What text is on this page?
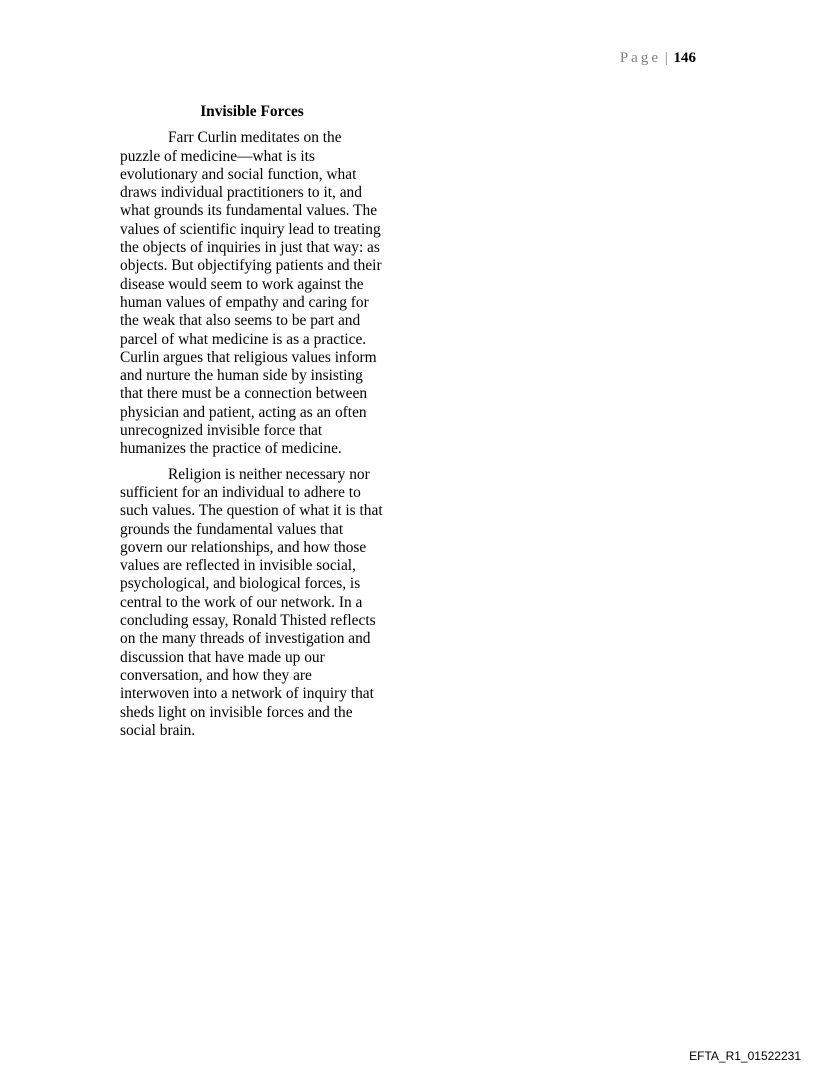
Page | 146
Invisible Forces

Farr Curlin meditates on the puzzle of medicine—what is its evolutionary and social function, what draws individual practitioners to it, and what grounds its fundamental values. The values of scientific inquiry lead to treating the objects of inquiries in just that way: as objects. But objectifying patients and their disease would seem to work against the human values of empathy and caring for the weak that also seems to be part and parcel of what medicine is as a practice. Curlin argues that religious values inform and nurture the human side by insisting that there must be a connection between physician and patient, acting as an often unrecognized invisible force that humanizes the practice of medicine.

Religion is neither necessary nor sufficient for an individual to adhere to such values. The question of what it is that grounds the fundamental values that govern our relationships, and how those values are reflected in invisible social, psychological, and biological forces, is central to the work of our network. In a concluding essay, Ronald Thisted reflects on the many threads of investigation and discussion that have made up our conversation, and how they are interwoven into a network of inquiry that sheds light on invisible forces and the social brain.

EFTA_R1_01522231
